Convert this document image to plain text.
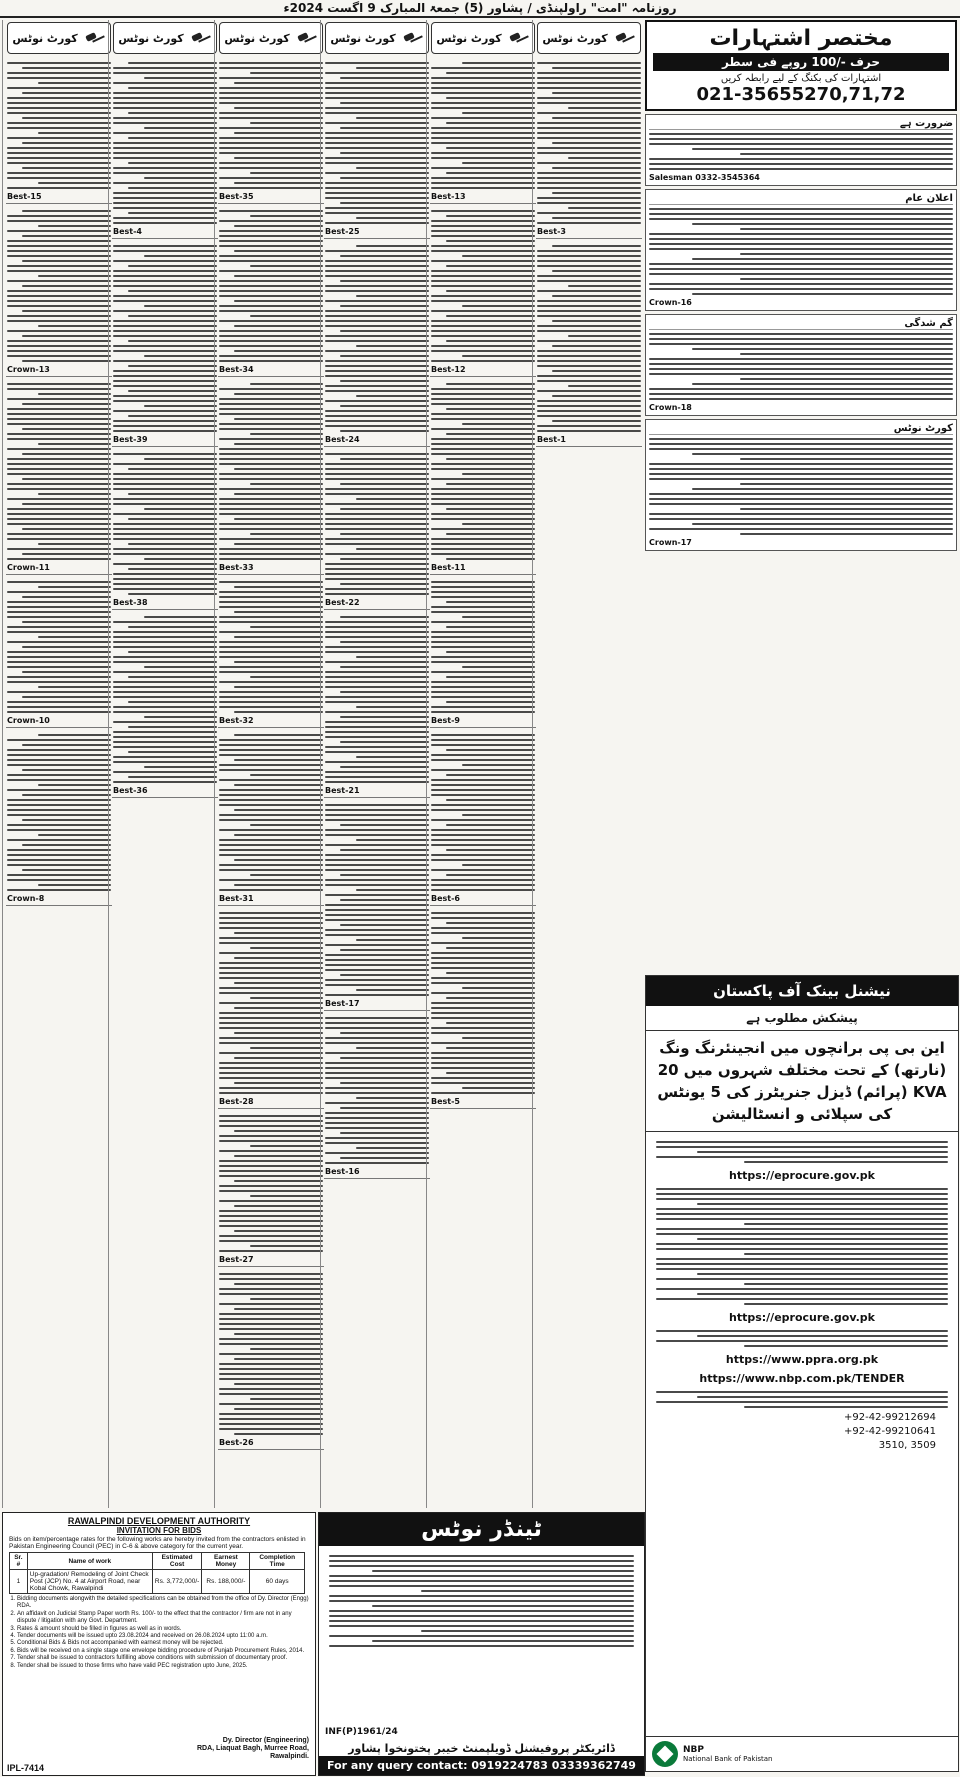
روزنامہ "امت" راولپنڈی / پشاور (5) جمعۃ المبارک 9 اگست 2024ء
کورٹ نوٹس
Best-15
Crown-13
Crown-11
Crown-10
Crown-8
کورٹ نوٹس
Best-4
Best-39
Best-38
Best-36
کورٹ نوٹس
Best-35
Best-34
Best-33
Best-32
Best-31
Best-28
Best-27
Best-26
کورٹ نوٹس
Best-25
Best-24
Best-22
Best-21
Best-17
Best-16
کورٹ نوٹس
Best-13
Best-12
Best-11
Best-9
Best-6
Best-5
کورٹ نوٹس
Best-3
Best-1
مختصر اشتہارات
حرف -/100 روپے فی سطر
اشتہارات کی بکنگ کے لیے رابطہ کریں
021-35655270,71,72
ضرورت ہے
Salesman 0332-3545364
اعلان عام
Crown-16
گم شدگی
Crown-18
کورٹ نوٹس
Crown-17
نیشنل بینک آف پاکستان
پیشکش مطلوب ہے
این بی پی برانچوں میں انجینئرنگ ونگ (نارتھ) کے تحت مختلف شہروں میں 20 KVA (پرائم) ڈیزل جنریٹرز کی 5 یونٹس کی سپلائی و انسٹالیشن
https://eprocure.gov.pk
https://eprocure.gov.pk
https://www.ppra.org.pk
https://www.nbp.com.pk/TENDER
+92-42-99212694
+92-42-99210641
3510, 3509
NBP
National Bank of Pakistan
ٹینڈر نوٹس
INF(P)1961/24
ڈائریکٹر پروفیشنل ڈویلپمنٹ خیبر پختونخوا پشاور
For any query contact: 0919224783 03339362749
RAWALPINDI DEVELOPMENT AUTHORITY
INVITATION FOR BIDS
Bids on item/percentage rates for the following works are hereby invited from the contractors enlisted in Pakistan Engineering Council (PEC) in C-6 & above category for the current year.
Sr. #	Name of work	Estimated Cost	Earnest Money	Completion Time
1	Up-gradation/ Remodeling of Joint Check Post (JCP) No. 4 at Airport Road, near Kobal Chowk, Rawalpindi	Rs. 3,772,000/-	Rs. 188,000/-	60 days
1. Bidding documents alongwith the detailed specifications can be obtained from the office of Dy. Director (Engg) RDA.
2. An affidavit on Judicial Stamp Paper worth Rs. 100/- to the effect that the contractor / firm are not in any dispute / litigation with any Govt. Department.
3. Rates & amount should be filled in figures as well as in words.
4. Tender documents will be issued upto 23.08.2024 and received on 26.08.2024 upto 11:00 a.m.
5. Conditional Bids & Bids not accompanied with earnest money will be rejected.
6. Bids will be received on a single stage one envelope bidding procedure of Punjab Procurement Rules, 2014.
7. Tender shall be issued to contractors fulfilling above conditions with submission of documentary proof.
8. Tender shall be issued to those firms who have valid PEC registration upto June, 2025.
Dy. Director (Engineering)
RDA, Liaquat Bagh, Murree Road,
Rawalpindi.
IPL-7414
